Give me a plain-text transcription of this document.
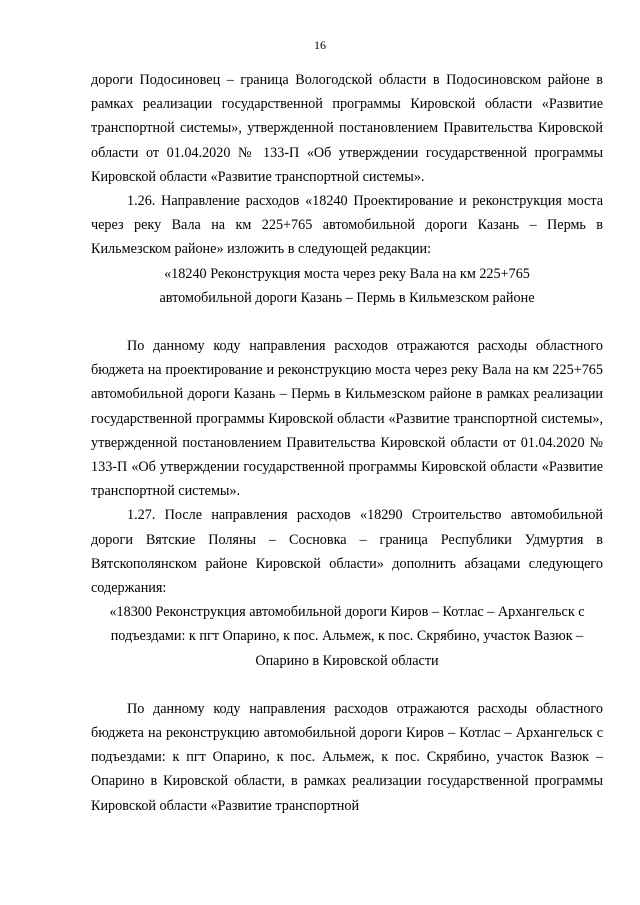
16

дороги Подосиновец – граница Вологодской области в Подосиновском районе в рамках реализации государственной программы Кировской области «Развитие транспортной системы», утвержденной постановлением Правительства Кировской области от 01.04.2020 № 133-П «Об утверждении государственной программы Кировской области «Развитие транспортной системы».

1.26. Направление расходов «18240 Проектирование и реконструкция моста через реку Вала на км 225+765 автомобильной дороги Казань – Пермь в Кильмезском районе» изложить в следующей редакции:

«18240 Реконструкция моста через реку Вала на км 225+765

автомобильной дороги Казань – Пермь в Кильмезском районе

По данному коду направления расходов отражаются расходы областного бюджета на проектирование и реконструкцию моста через реку Вала на км 225+765 автомобильной дороги Казань – Пермь в Кильмезском районе в рамках реализации государственной программы Кировской области «Развитие транспортной системы», утвержденной постановлением Правительства Кировской области от 01.04.2020 № 133-П «Об утверждении государственной программы Кировской области «Развитие транспортной системы».

1.27. После направления расходов «18290 Строительство автомобильной дороги Вятские Поляны – Сосновка – граница Республики Удмуртия в Вятскополянском районе Кировской области» дополнить абзацами следующего содержания:

«18300 Реконструкция автомобильной дороги Киров – Котлас – Архангельск с

подъездами: к пгт Опарино, к пос. Альмеж, к пос. Скрябино, участок Вазюк –

Опарино в Кировской области

По данному коду направления расходов отражаются расходы областного бюджета на реконструкцию автомобильной дороги Киров – Котлас – Архангельск с подъездами: к пгт Опарино, к пос. Альмеж, к пос. Скрябино, участок Вазюк – Опарино в Кировской области, в рамках реализации государственной программы Кировской области «Развитие транспортной
